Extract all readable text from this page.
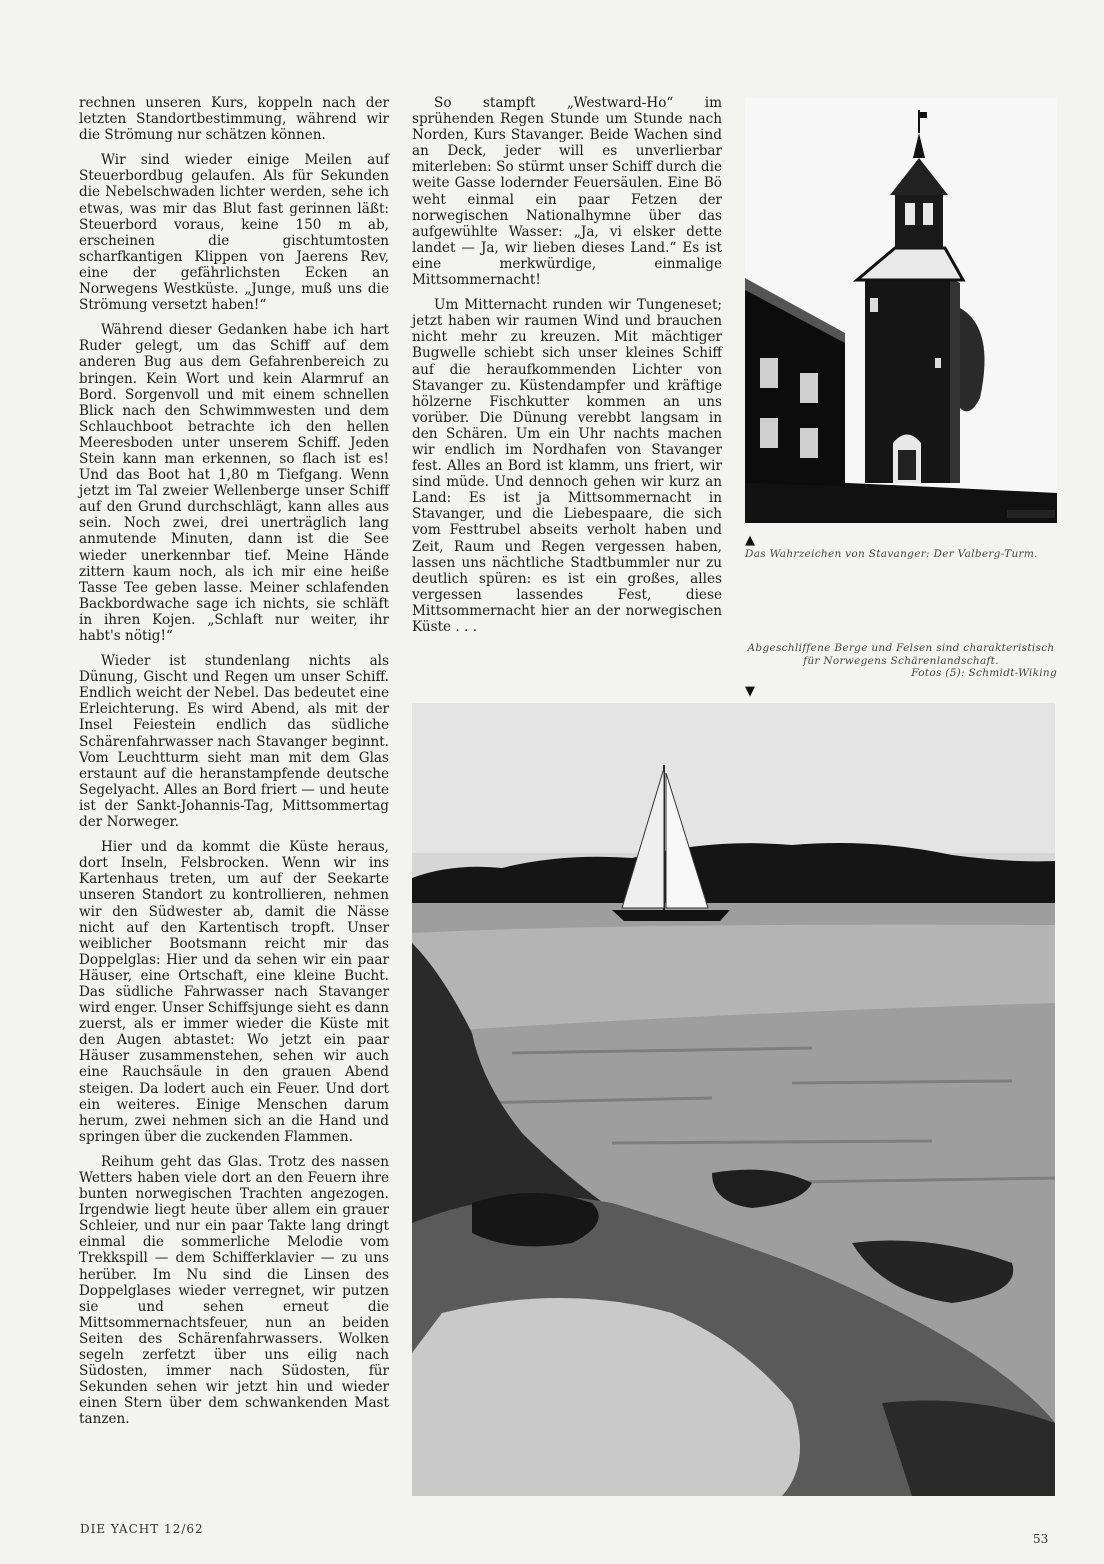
rechnen unseren Kurs, koppeln nach der letzten Standortbestimmung, während wir die Strömung nur schätzen können.

Wir sind wieder einige Meilen auf Steuerbordbug gelaufen. Als für Sekunden die Nebelschwaden lichter werden, sehe ich etwas, was mir das Blut fast gerinnen läßt: Steuerbord voraus, keine 150 m ab, erscheinen die gischtumtosten scharfkantigen Klippen von Jaerens Rev, eine der gefährlichsten Ecken an Norwegens Westküste. „Junge, muß uns die Strömung versetzt haben!“

Während dieser Gedanken habe ich hart Ruder gelegt, um das Schiff auf dem anderen Bug aus dem Gefahrenbereich zu bringen. Kein Wort und kein Alarmruf an Bord. Sorgenvoll und mit einem schnellen Blick nach den Schwimmwesten und dem Schlauchboot betrachte ich den hellen Meeresboden unter unserem Schiff. Jeden Stein kann man erkennen, so flach ist es! Und das Boot hat 1,80 m Tiefgang. Wenn jetzt im Tal zweier Wellenberge unser Schiff auf den Grund durchschlägt, kann alles aus sein. Noch zwei, drei unerträglich lang anmutende Minuten, dann ist die See wieder unerkennbar tief. Meine Hände zittern kaum noch, als ich mir eine heiße Tasse Tee geben lasse. Meiner schlafenden Backbordwache sage ich nichts, sie schläft in ihren Kojen. „Schlaft nur weiter, ihr habt's nötig!“

Wieder ist stundenlang nichts als Dünung, Gischt und Regen um unser Schiff. Endlich weicht der Nebel. Das bedeutet eine Erleichterung. Es wird Abend, als mit der Insel Feiestein endlich das südliche Schärenfahrwasser nach Stavanger beginnt. Vom Leuchtturm sieht man mit dem Glas erstaunt auf die heranstampfende deutsche Segelyacht. Alles an Bord friert — und heute ist der Sankt-Johannis-Tag, Mittsommertag der Norweger.

Hier und da kommt die Küste heraus, dort Inseln, Felsbrocken. Wenn wir ins Kartenhaus treten, um auf der Seekarte unseren Standort zu kontrollieren, nehmen wir den Südwester ab, damit die Nässe nicht auf den Kartentisch tropft. Unser weiblicher Bootsmann reicht mir das Doppelglas: Hier und da sehen wir ein paar Häuser, eine Ortschaft, eine kleine Bucht. Das südliche Fahrwasser nach Stavanger wird enger. Unser Schiffsjunge sieht es dann zuerst, als er immer wieder die Küste mit den Augen abtastet: Wo jetzt ein paar Häuser zusammenstehen, sehen wir auch eine Rauchsäule in den grauen Abend steigen. Da lodert auch ein Feuer. Und dort ein weiteres. Einige Menschen darum herum, zwei nehmen sich an die Hand und springen über die zuckenden Flammen.

Reihum geht das Glas. Trotz des nassen Wetters haben viele dort an den Feuern ihre bunten norwegischen Trachten angezogen. Irgendwie liegt heute über allem ein grauer Schleier, und nur ein paar Takte lang dringt einmal die sommerliche Melodie vom Trekkspill — dem Schifferklavier — zu uns herüber. Im Nu sind die Linsen des Doppelglases wieder verregnet, wir putzen sie und sehen erneut die Mittsommernachtsfeuer, nun an beiden Seiten des Schärenfahrwassers. Wolken segeln zerfetzt über uns eilig nach Südosten, immer nach Südosten, für Sekunden sehen wir jetzt hin und wieder einen Stern über dem schwankenden Mast tanzen.

So stampft „Westward-Ho“ im sprühenden Regen Stunde um Stunde nach Norden, Kurs Stavanger. Beide Wachen sind an Deck, jeder will es unverlierbar miterleben: So stürmt unser Schiff durch die weite Gasse lodernder Feuersäulen. Eine Bö weht einmal ein paar Fetzen der norwegischen Nationalhymne über das aufgewühlte Wasser: „Ja, vi elsker dette landet — Ja, wir lieben dieses Land.“ Es ist eine merkwürdige, einmalige Mittsommernacht!

Um Mitternacht runden wir Tungeneset; jetzt haben wir raumen Wind und brauchen nicht mehr zu kreuzen. Mit mächtiger Bugwelle schiebt sich unser kleines Schiff auf die heraufkommenden Lichter von Stavanger zu. Küstendampfer und kräftige hölzerne Fischkutter kommen an uns vorüber. Die Dünung verebbt langsam in den Schären. Um ein Uhr nachts machen wir endlich im Nordhafen von Stavanger fest. Alles an Bord ist klamm, uns friert, wir sind müde. Und dennoch gehen wir kurz an Land: Es ist ja Mittsommernacht in Stavanger, und die Liebespaare, die sich vom Festtrubel abseits verholt haben und Zeit, Raum und Regen vergessen haben, lassen uns nächtliche Stadtbummler nur zu deutlich spüren: es ist ein großes, alles vergessen lassendes Fest, diese Mittsommernacht hier an der norwegischen Küste . . .

▲
Das Wahrzeichen von Stavanger: Der Valberg-Turm.
Abgeschliffene Berge und Felsen sind charakteristisch für Norwegens Schärenlandschaft.
Fotos (5): Schmidt-Wiking
▼
DIE YACHT 12/62
53
